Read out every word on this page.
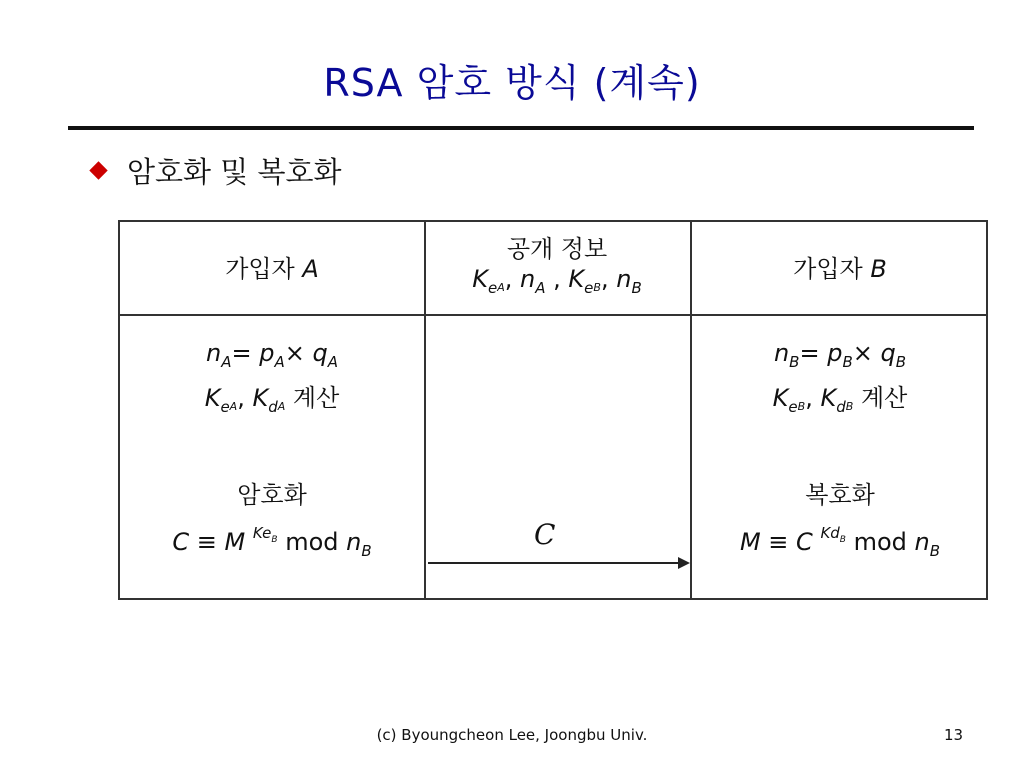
RSA 암호 방식 (계속)
암호화 및 복호화
가입자 A
공개 정보
$K_eA$, $n_A$ , $K_eB$, $n_B$
가입자 B
$n_A= p_A\times q_A$
$K_eA$, $K_dA$ 계산
암호화
C ≡ M $^{KeB}$ mod $n_B$
$n_B= p_B\times q_B$
$K_eB$, $K_dB$ 계산
복호화
M ≡ C $^{KdB}$ mod $n_B$
C
(c) Byoungcheon Lee, Joongbu Univ.	13
